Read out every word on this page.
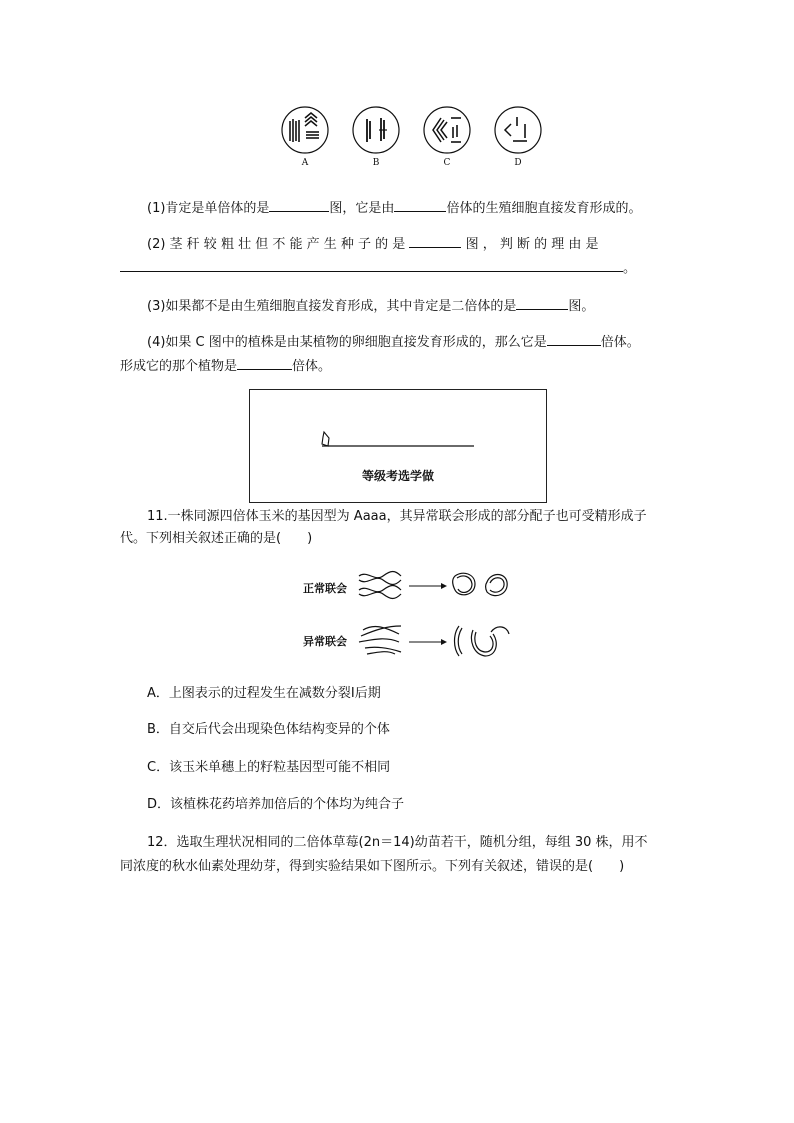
A	B	C	D
(1)肯定是单倍体的是	图，它是由	倍体的生殖细胞直接发育形成的。
(2) 茎 秆 较 粗 壮 但 不 能 产 生 种 子 的 是	图 ， 判 断 的 理 由 是
。
(3)如果都不是由生殖细胞直接发育形成，其中肯定是二倍体的是	图。
(4)如果 C 图中的植株是由某植物的卵细胞直接发育形成的，那么它是	倍体。
形成它的那个植物是	倍体。
等级考选学做
11.一株同源四倍体玉米的基因型为 Aaaa，其异常联会形成的部分配子也可受精形成子
代。下列相关叙述正确的是(　　)
正常联会
异常联会
A．上图表示的过程发生在减数分裂Ⅰ后期
B．自交后代会出现染色体结构变异的个体
C．该玉米单穗上的籽粒基因型可能不相同
D．该植株花药培养加倍后的个体均为纯合子
12．选取生理状况相同的二倍体草莓(2n＝14)幼苗若干，随机分组，每组 30 株，用不
同浓度的秋水仙素处理幼芽，得到实验结果如下图所示。下列有关叙述，错误的是(　　)
